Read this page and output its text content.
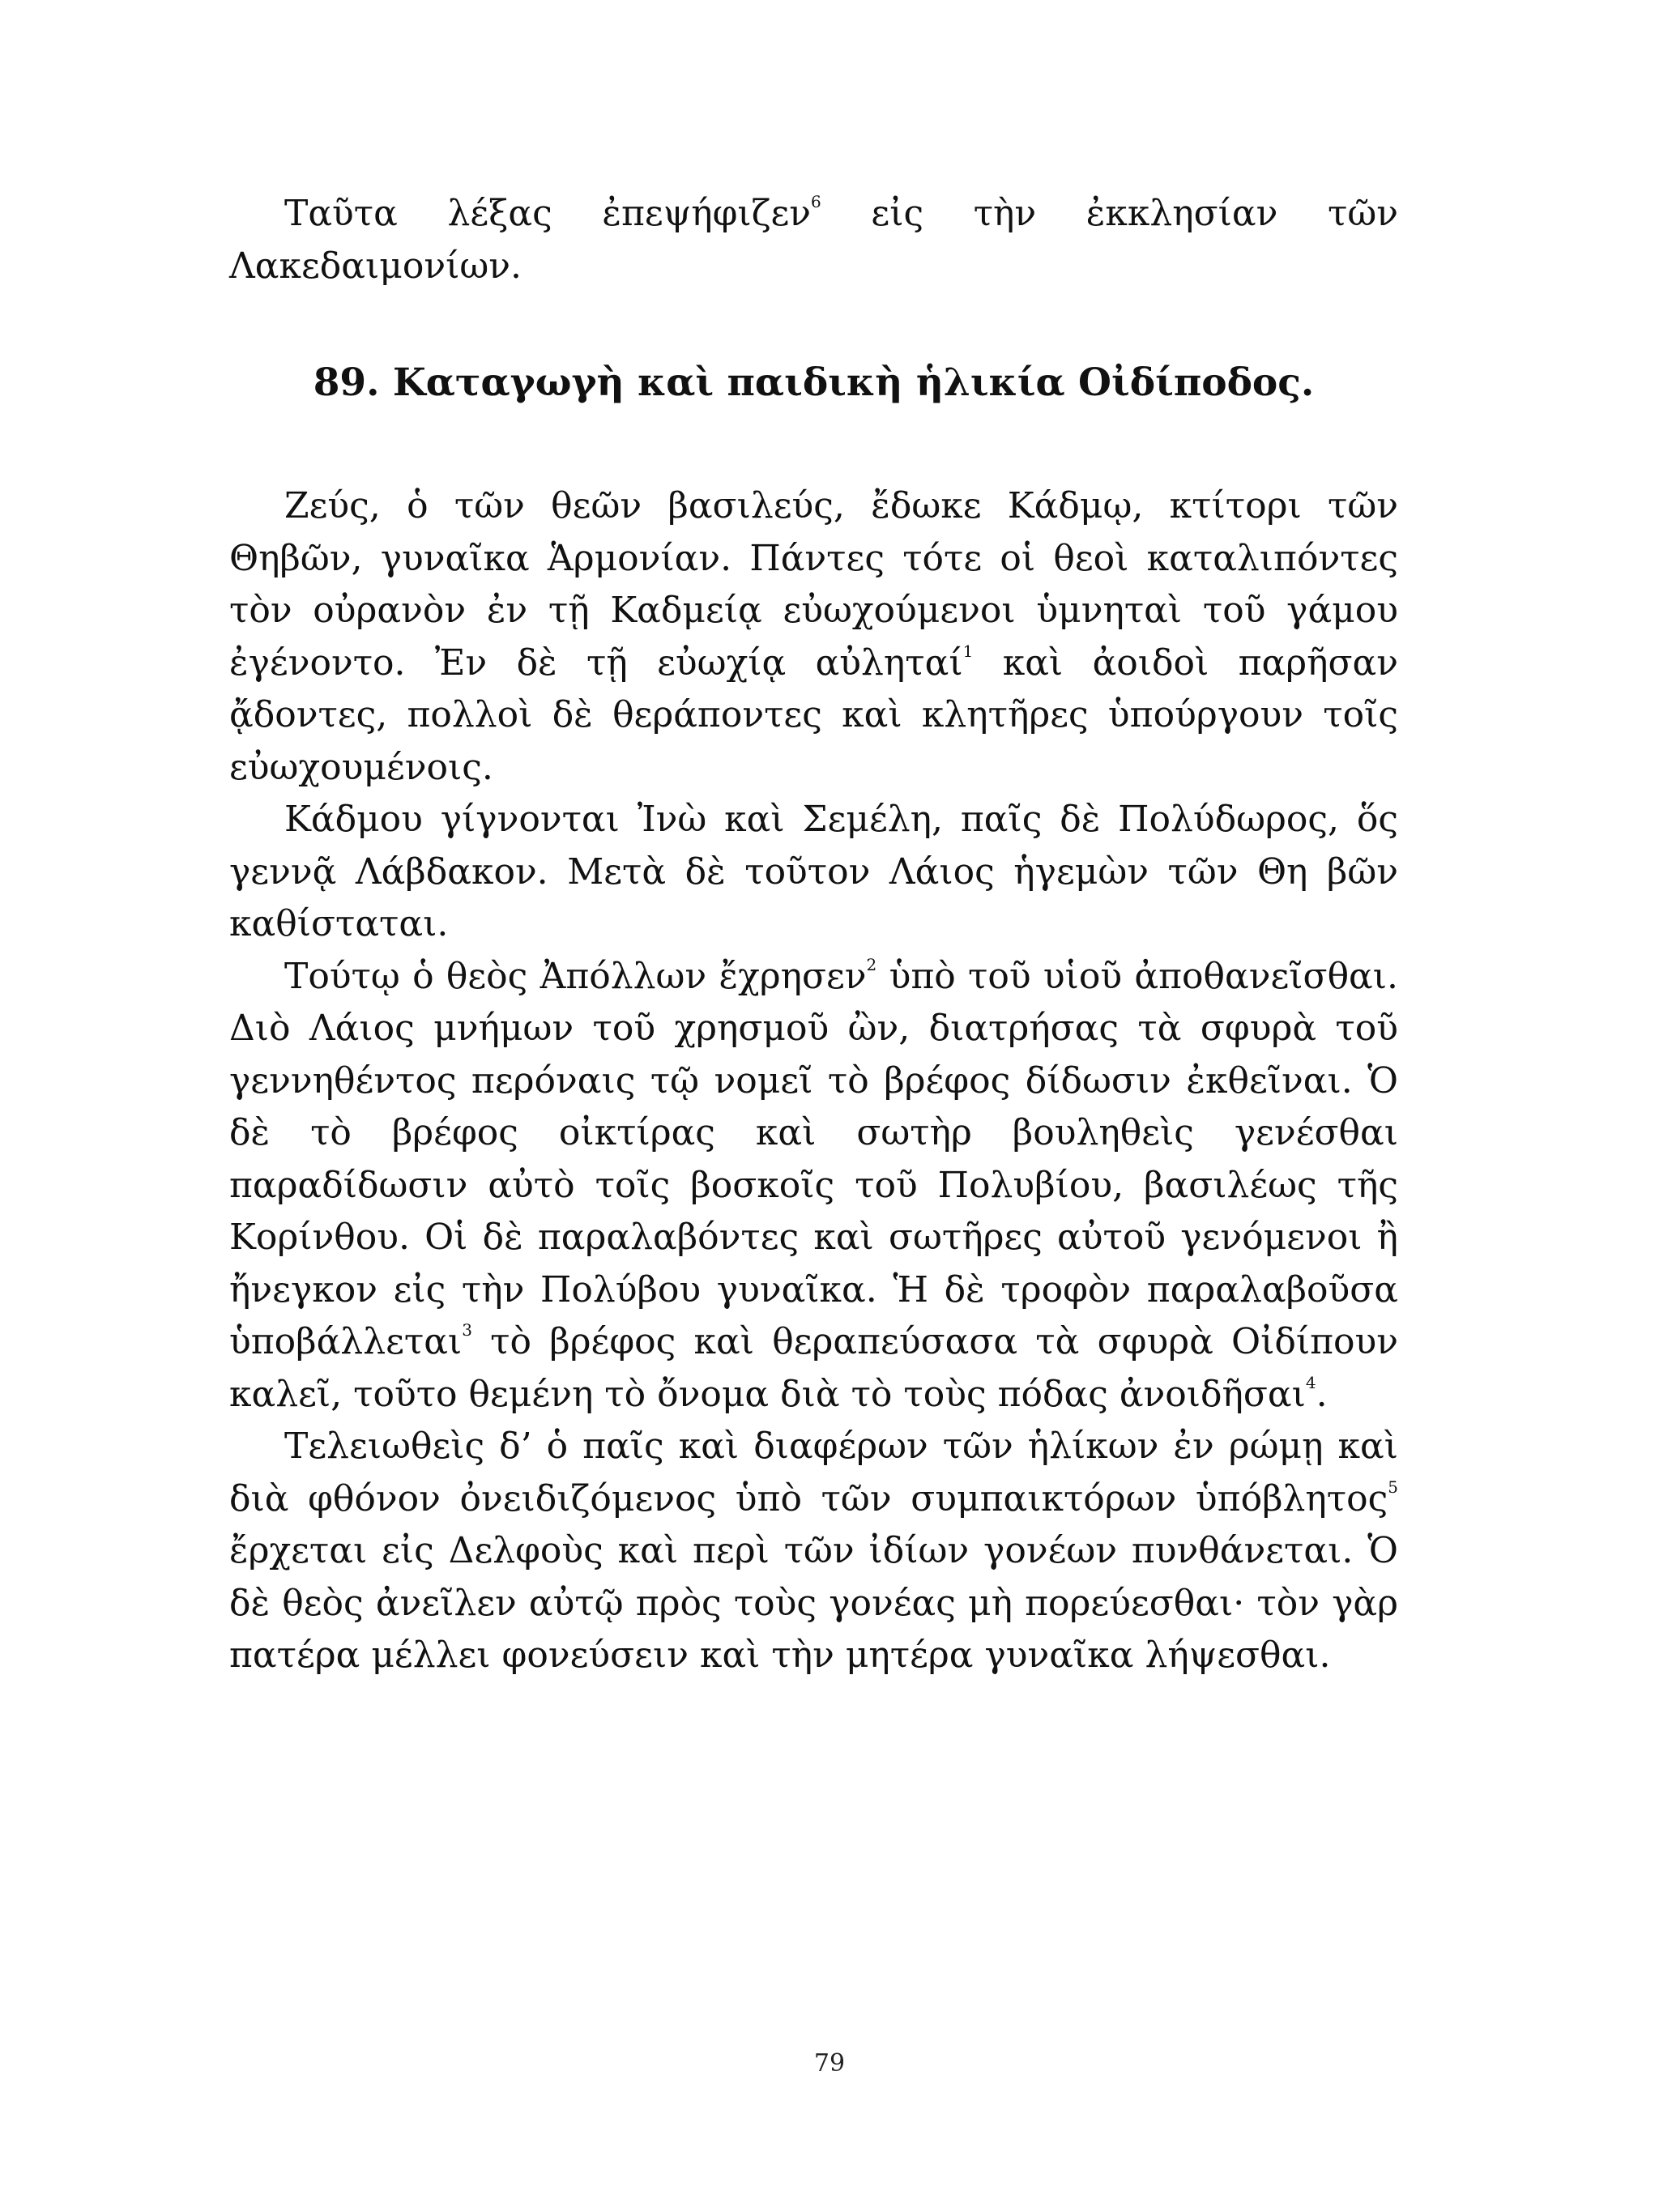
Ταῦτα λέξας ἐπεψήφιζεν$^6$ εἰς τὴν ἐκκλησίαν τῶν Λακεδαιμονίων.

89. Καταγωγὴ καὶ παιδικὴ ἡλικία Οἰδίποδος.

Ζεύς, ὁ τῶν θεῶν βασιλεύς, ἔδωκε Κάδμῳ, κτίτορι τῶν Θηβῶν, γυναῖκα Ἁρμονίαν. Πάντες τότε οἱ θεοὶ καταλιπόντες τὸν οὐρανὸν ἐν τῇ Καδμείᾳ εὐωχούμενοι ὑμνηταὶ τοῦ γάμου ἐγένοντο. Ἐν δὲ τῇ εὐωχίᾳ αὐληταί$^1$ καὶ ἀοιδοὶ παρῆσαν ᾄδοντες, πολλοὶ δὲ θεράποντες καὶ κλητῆρες ὑπούργουν τοῖς εὐωχουμένοις.

Κάδμου γίγνονται Ἰνὼ καὶ Σεμέλη, παῖς δὲ Πολύδωρος, ὅς γεννᾷ Λάβδακον. Μετὰ δὲ τοῦτον Λάιος ἡγεμὼν τῶν Θη βῶν καθίσταται.

Τούτῳ ὁ θεὸς Ἀπόλλων ἔχρησεν$^2$ ὑπὸ τοῦ υἱοῦ ἀποθανεῖσθαι. Διὸ Λάιος μνήμων τοῦ χρησμοῦ ὢν, διατρήσας τὰ σφυρὰ τοῦ γεννηθέντος περόναις τῷ νομεῖ τὸ βρέφος δίδωσιν ἐκθεῖναι. Ὁ δὲ τὸ βρέφος οἰκτίρας καὶ σωτὴρ βουληθεὶς γενέσθαι παραδίδωσιν αὐτὸ τοῖς βοσκοῖς τοῦ Πολυβίου, βασιλέως τῆς Κορίνθου. Οἱ δὲ παραλαβόντες καὶ σωτῆρες αὐτοῦ γενόμενοι ἢ ἤνεγκον εἰς τὴν Πολύβου γυναῖκα. Ἡ δὲ τροφὸν παραλαβοῦσα ὑποβάλλεται$^3$ τὸ βρέφος καὶ θεραπεύσασα τὰ σφυρὰ Οἰδίπουν καλεῖ, τοῦτο θεμένη τὸ ὄνομα διὰ τὸ τοὺς πόδας ἀνοιδῆσαι$^4$.

Τελειωθεὶς δ’ ὁ παῖς καὶ διαφέρων τῶν ἡλίκων ἐν ρώμῃ καὶ διὰ φθόνον ὀνειδιζόμενος ὑπὸ τῶν συμπαικτόρων ὑπόβλητος$^5$ ἔρχεται εἰς Δελφοὺς καὶ περὶ τῶν ἰδίων γονέων πυνθάνεται. Ὁ δὲ θεὸς ἀνεῖλεν αὐτῷ πρὸς τοὺς γονέας μὴ πορεύεσθαι· τὸν γὰρ πατέρα μέλλει φονεύσειν καὶ τὴν μητέρα γυναῖκα λήψεσθαι.

79
